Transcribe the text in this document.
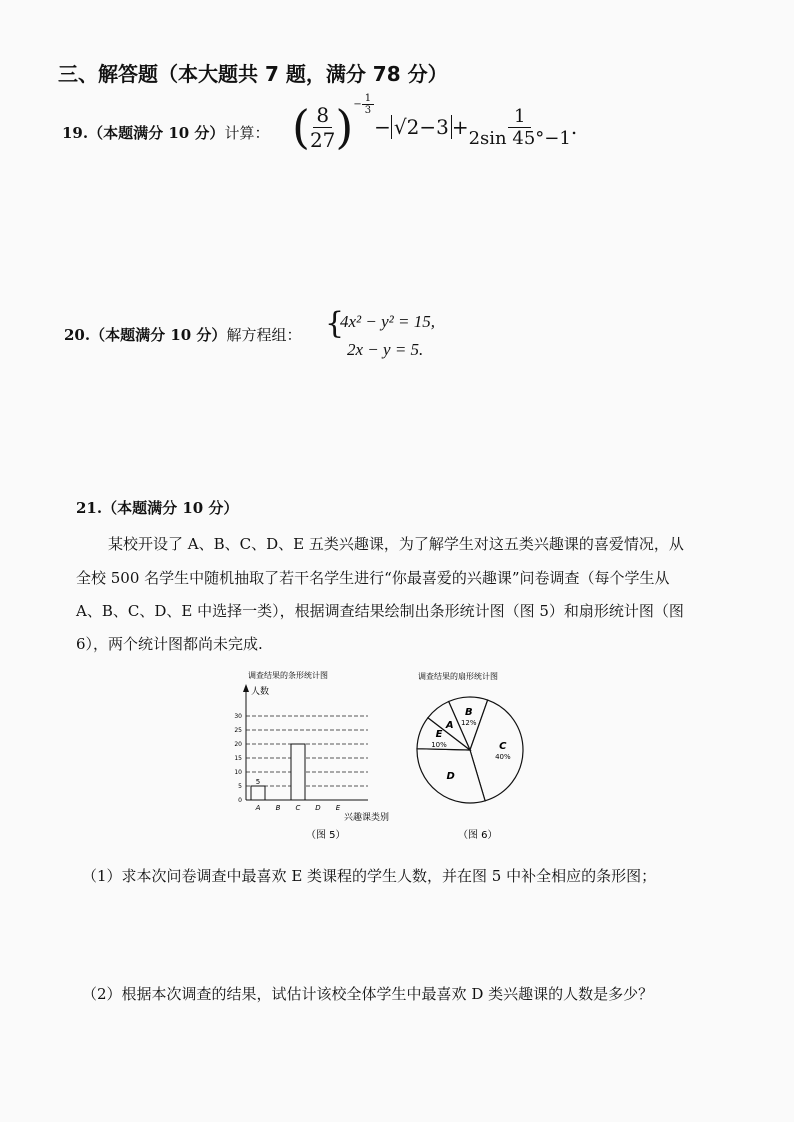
三、解答题（本大题共 7 题，满分 78 分）
19.（本题满分 10 分）计算： ( $\frac{8}{27} )^{- \frac{1}{3}}$
− $√2-3 + \frac{1}{2\sin 45^\circ-1}$ .
20.（本题满分 10 分）解方程组： {
4x² − y² = 15,
2x − y = 5.
21.（本题满分 10 分）
某校开设了 A、B、C、D、E 五类兴趣课，为了解学生对这五类兴趣课的喜爱情况，从
全校 500 名学生中随机抽取了若干名学生进行“你最喜爱的兴趣课”问卷调查（每个学生从
A、B、C、D、E 中选择一类），根据调查结果绘制出条形统计图（图 5）和扇形统计图（图
6），两个统计图都尚未完成.
调查结果的条形统计图
人数
兴趣课类别
（图 5）
0
5
10
15
20
25
30
A B C D E
5
调查结果的扇形统计图
B
12%
C
40%
D
E
10%
A
（图 6）
（1）求本次问卷调查中最喜欢 E 类课程的学生人数，并在图 5 中补全相应的条形图；
（2）根据本次调查的结果，试估计该校全体学生中最喜欢 D 类兴趣课的人数是多少？
